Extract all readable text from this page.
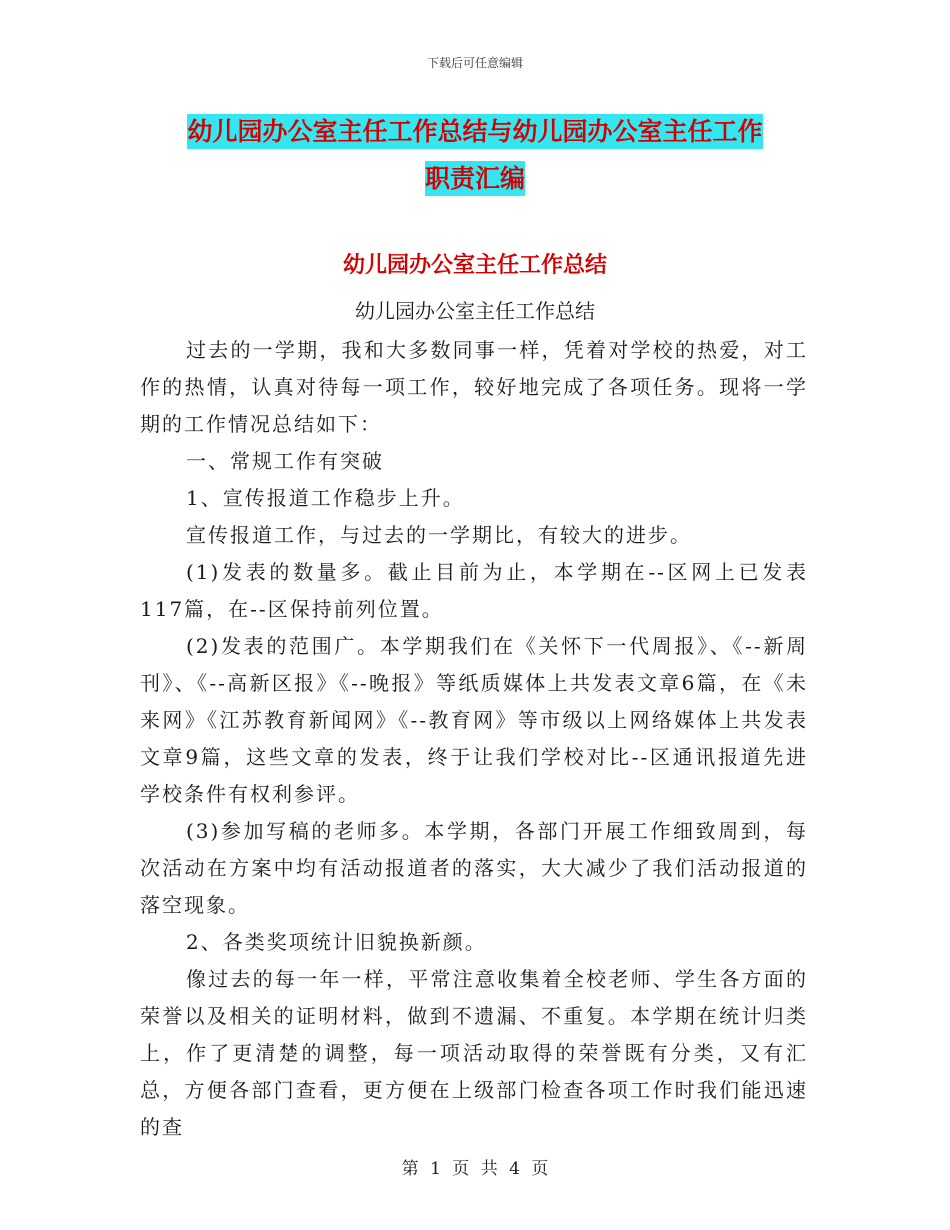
下载后可任意编辑
幼儿园办公室主任工作总结与幼儿园办公室主任工作
职责汇编
幼儿园办公室主任工作总结
幼儿园办公室主任工作总结

过去的一学期，我和大多数同事一样，凭着对学校的热爱，对工作的热情，认真对待每一项工作，较好地完成了各项任务。现将一学期的工作情况总结如下：

一、常规工作有突破

1、宣传报道工作稳步上升。

宣传报道工作，与过去的一学期比，有较大的进步。

(1)发表的数量多。截止目前为止，本学期在--区网上已发表117篇，在--区保持前列位置。

(2)发表的范围广。本学期我们在《关怀下一代周报》、《--新周刊》、《--高新区报》《--晚报》等纸质媒体上共发表文章6篇，在《未来网》《江苏教育新闻网》《--教育网》等市级以上网络媒体上共发表文章9篇，这些文章的发表，终于让我们学校对比--区通讯报道先进学校条件有权利参评。

(3)参加写稿的老师多。本学期，各部门开展工作细致周到，每次活动在方案中均有活动报道者的落实，大大减少了我们活动报道的落空现象。

2、各类奖项统计旧貌换新颜。

像过去的每一年一样，平常注意收集着全校老师、学生各方面的荣誉以及相关的证明材料，做到不遗漏、不重复。本学期在统计归类上，作了更清楚的调整，每一项活动取得的荣誉既有分类，又有汇总，方便各部门查看，更方便在上级部门检查各项工作时我们能迅速的查

第 1 页 共 4 页
